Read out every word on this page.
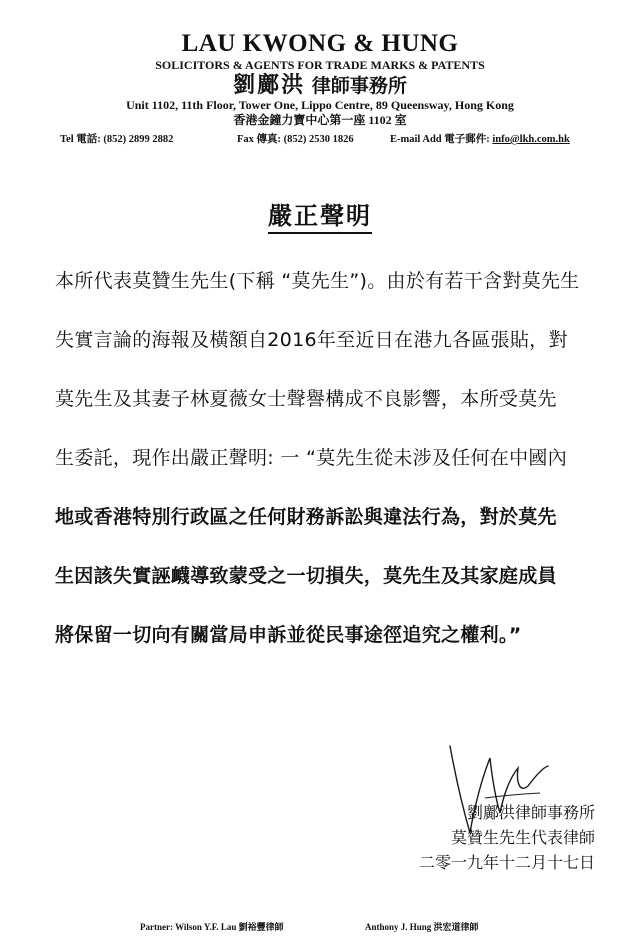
LAU KWONG & HUNG
SOLICITORS & AGENTS FOR TRADE MARKS & PATENTS
劉鄺洪 律師事務所
Unit 1102, 11th Floor, Tower One, Lippo Centre, 89 Queensway, Hong Kong
香港金鐘力寶中心第一座 1102 室
Tel 電話: (852) 2899 2882	Fax 傳真: (852) 2530 1826	E-mail Add 電子郵件: info@lkh.com.hk
嚴正聲明
本所代表莫贊生先生(下稱 “莫先生”)。由於有若干含對莫先生
失實言論的海報及橫額自2016年至近日在港九各區張貼，對
莫先生及其妻子林夏薇女士聲譽構成不良影響，本所受莫先
生委託，現作出嚴正聲明: 一 “莫先生從未涉及任何在中國內
地或香港特別行政區之任何財務訴訟與違法行為，對於莫先
生因該失實誣衊導致蒙受之一切損失，莫先生及其家庭成員
將保留一切向有關當局申訴並從民事途徑追究之權利。”
劉鄺洪律師事務所
莫贊生先生代表律師
二零一九年十二月十七日
Partner: Wilson Y.F. Lau 劉裕豐律師	Anthony J. Hung 洪宏道律師
